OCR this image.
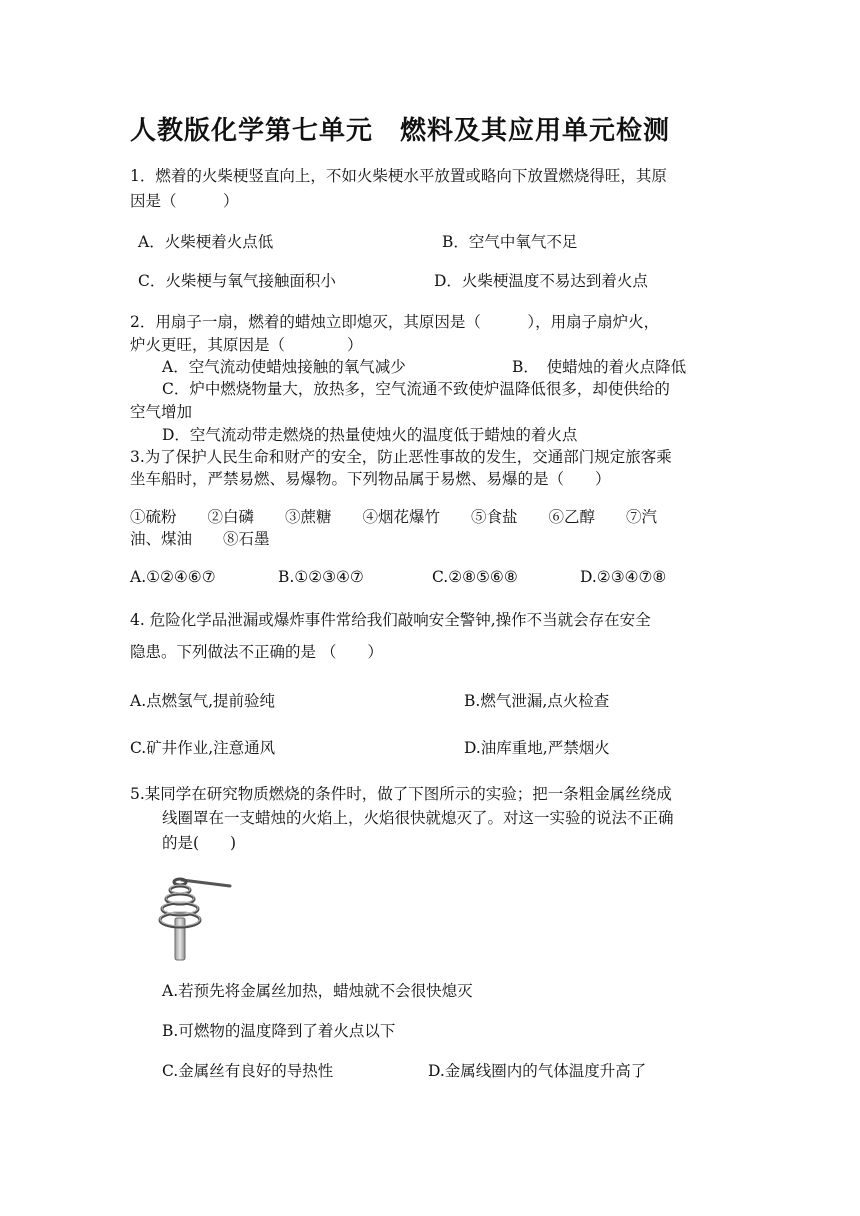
人教版化学第七单元　燃料及其应用单元检测
1．燃着的火柴梗竖直向上，不如火柴梗水平放置或略向下放置燃烧得旺，其原
因是（　　　）
A．火柴梗着火点低	B．空气中氧气不足
C．火柴梗与氧气接触面积小	D．火柴梗温度不易达到着火点
2．用扇子一扇，燃着的蜡烛立即熄灭，其原因是（　　　），用扇子扇炉火，
炉火更旺，其原因是（　　　　）
A．空气流动使蜡烛接触的氧气减少	B．　使蜡烛的着火点降低
C．炉中燃烧物量大，放热多，空气流通不致使炉温降低很多，却使供给的
空气增加
D．空气流动带走燃烧的热量使烛火的温度低于蜡烛的着火点
3.为了保护人民生命和财产的安全，防止恶性事故的发生，交通部门规定旅客乘
坐车船时，严禁易燃、易爆物。下列物品属于易燃、易爆的是（　　）
①硫粉　　②白磷　　③蔗糖　　④烟花爆竹　　⑤食盐　　⑥乙醇　　⑦汽
油、煤油　　⑧石墨
A.①②④⑥⑦	B.①②③④⑦	C.②⑧⑤⑥⑧	D.②③④⑦⑧
4. 危险化学品泄漏或爆炸事件常给我们敲响安全警钟,操作不当就会存在安全
隐患。下列做法不正确的是 （　　）
A.点燃氢气,提前验纯	B.燃气泄漏,点火检查
C.矿井作业,注意通风	D.油库重地,严禁烟火
5.某同学在研究物质燃烧的条件时，做了下图所示的实验；把一条粗金属丝绕成
线圈罩在一支蜡烛的火焰上，火焰很快就熄灭了。对这一实验的说法不正确
的是(　　)
A.若预先将金属丝加热，蜡烛就不会很快熄灭
B.可燃物的温度降到了着火点以下
C.金属丝有良好的导热性	D.金属线圈内的气体温度升高了
